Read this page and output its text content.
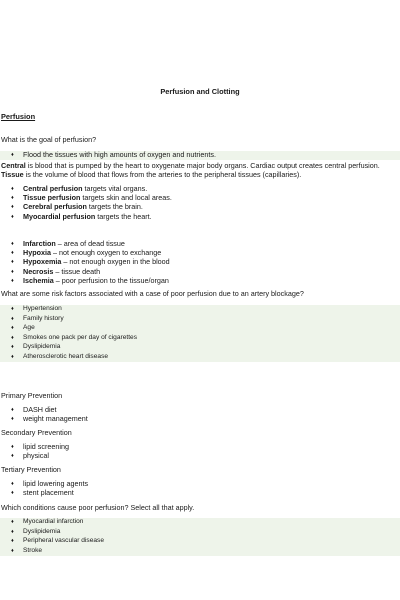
Perfusion and Clotting
Perfusion
What is the goal of perfusion?
♦ Flood the tissues with high amounts of oxygen and nutrients.
Central is blood that is pumped by the heart to oxygenate major body organs. Cardiac output creates central perfusion. Tissue is the volume of blood that flows from the arteries to the peripheral tissues (capillaries).
♦ Central perfusion targets vital organs.
♦ Tissue perfusion targets skin and local areas.
♦ Cerebral perfusion targets the brain.
♦ Myocardial perfusion targets the heart.
♦ Infarction – area of dead tissue
♦ Hypoxia – not enough oxygen to exchange
♦ Hypoxemia – not enough oxygen in the blood
♦ Necrosis – tissue death
♦ Ischemia – poor perfusion to the tissue/organ
What are some risk factors associated with a case of poor perfusion due to an artery blockage?
♦ Hypertension
♦ Family history
♦ Age
♦ Smokes one pack per day of cigarettes
♦ Dyslipidemia
♦ Atherosclerotic heart disease
Primary Prevention
♦ DASH diet
♦ weight management
Secondary Prevention
♦ lipid screening
♦ physical
Tertiary Prevention
♦ lipid lowering agents
♦ stent placement
Which conditions cause poor perfusion? Select all that apply.
♦ Myocardial infarction
♦ Dyslipidemia
♦ Peripheral vascular disease
♦ Stroke
